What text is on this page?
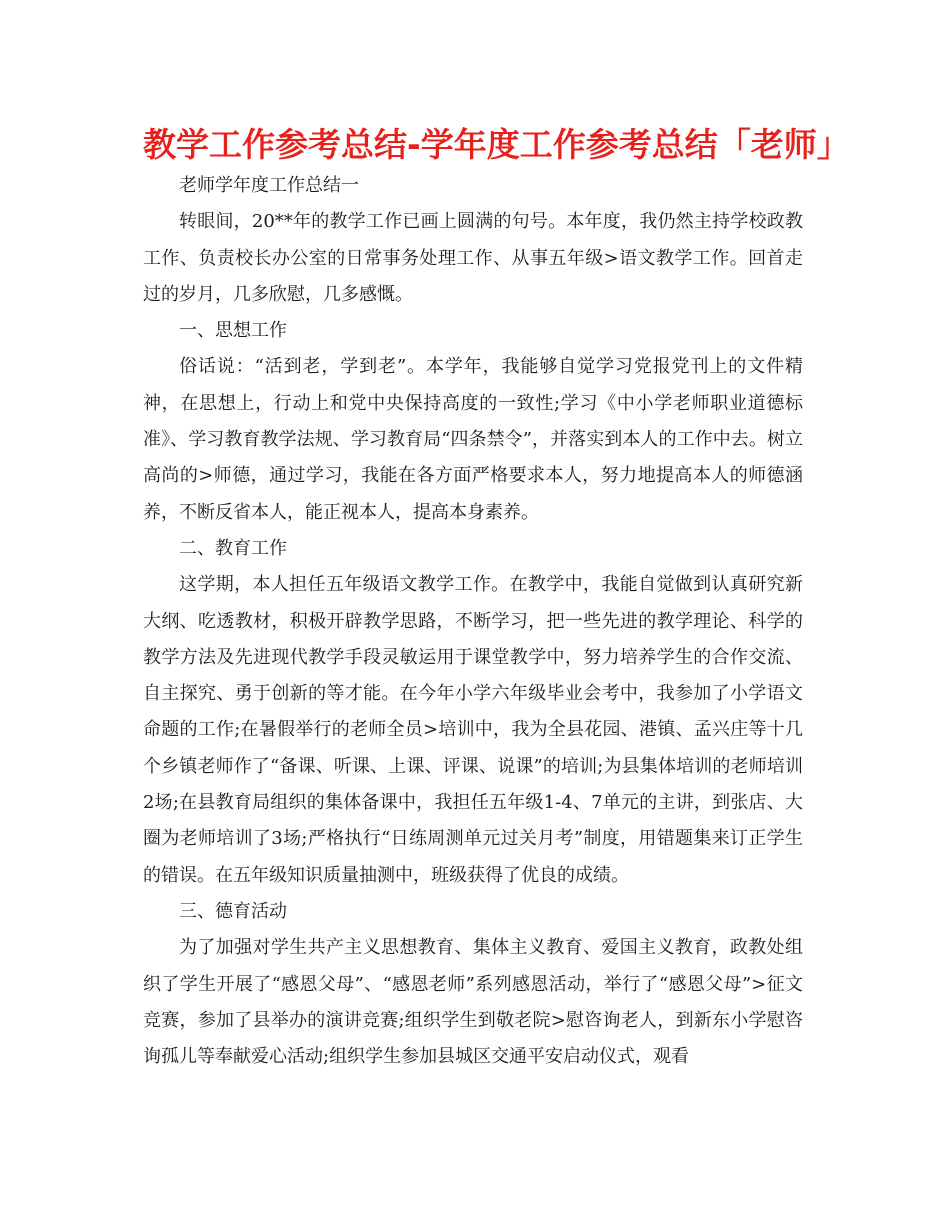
教学工作参考总结-学年度工作参考总结「老师」

老师学年度工作总结一

转眼间，20**年的教学工作已画上圆满的句号。本年度，我仍然主持学校政教工作、负责校长办公室的日常事务处理工作、从事五年级>语文教学工作。回首走过的岁月，几多欣慰，几多感慨。

一、思想工作

俗话说：“活到老，学到老”。本学年，我能够自觉学习党报党刊上的文件精神，在思想上，行动上和党中央保持高度的一致性;学习《中小学老师职业道德标准》、学习教育教学法规、学习教育局“四条禁令”，并落实到本人的工作中去。树立高尚的>师德，通过学习，我能在各方面严格要求本人，努力地提高本人的师德涵养，不断反省本人，能正视本人，提高本身素养。

二、教育工作

这学期，本人担任五年级语文教学工作。在教学中，我能自觉做到认真研究新大纲、吃透教材，积极开辟教学思路，不断学习，把一些先进的教学理论、科学的教学方法及先进现代教学手段灵敏运用于课堂教学中，努力培养学生的合作交流、自主探究、勇于创新的等才能。在今年小学六年级毕业会考中，我参加了小学语文命题的工作;在暑假举行的老师全员>培训中，我为全县花园、港镇、孟兴庄等十几个乡镇老师作了“备课、听课、上课、评课、说课”的培训;为县集体培训的老师培训2场;在县教育局组织的集体备课中，我担任五年级1-4、7单元的主讲，到张店、大圈为老师培训了3场;严格执行“日练周测单元过关月考”制度，用错题集来订正学生的错误。在五年级知识质量抽测中，班级获得了优良的成绩。

三、德育活动

为了加强对学生共产主义思想教育、集体主义教育、爱国主义教育，政教处组织了学生开展了“感恩父母”、“感恩老师”系列感恩活动，举行了“感恩父母”>征文竞赛，参加了县举办的演讲竞赛;组织学生到敬老院>慰咨询老人，到新东小学慰咨询孤儿等奉献爱心活动;组织学生参加县城区交通平安启动仪式，观看
